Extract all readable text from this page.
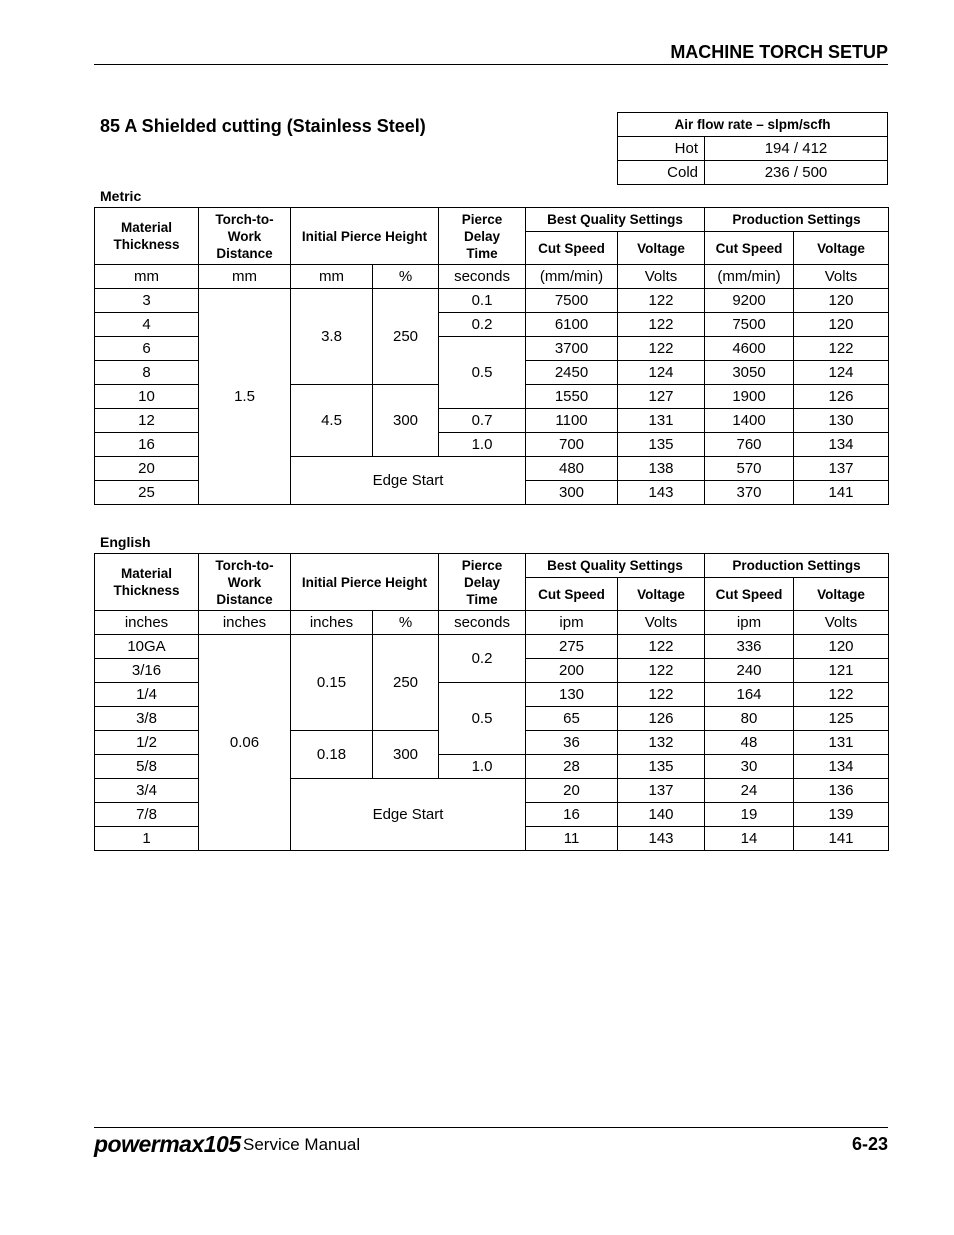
MACHINE TORCH SETUP
85 A Shielded cutting (Stainless Steel)	Air flow rate – slpm/scfh	
Hot	194 / 412
Cold	236 / 500
Metric
Material Thickness	Torch-to-Work Distance	Initial Pierce Height		Pierce Delay Time	Best Quality Settings		Production Settings	
					Cut Speed	Voltage	Cut Speed	Voltage
mm	mm	mm	%	seconds	(mm/min)	Volts	(mm/min)	Volts
3	1.5	3.8	250	0.1	7500	122	9200	120
4				0.2	6100	122	7500	120
6				0.5	3700	122	4600	122
8					2450	124	3050	124
10		4.5	300		1550	127	1900	126
12				0.7	1100	131	1400	130
16				1.0	700	135	760	134
20		Edge Start			480	138	570	137
25					300	143	370	141
English
Material Thickness	Torch-to-Work Distance	Initial Pierce Height		Pierce Delay Time	Best Quality Settings		Production Settings	
					Cut Speed	Voltage	Cut Speed	Voltage
inches	inches	inches	%	seconds	ipm	Volts	ipm	Volts
10GA	0.06	0.15	250	0.2	275	122	336	120
3/16					200	122	240	121
1/4				0.5	130	122	164	122
3/8					65	126	80	125
1/2		0.18	300		36	132	48	131
5/8				1.0	28	135	30	134
3/4		Edge Start			20	137	24	136
7/8					16	140	19	139
1					11	143	14	141
powermax105 Service Manual	6-23
